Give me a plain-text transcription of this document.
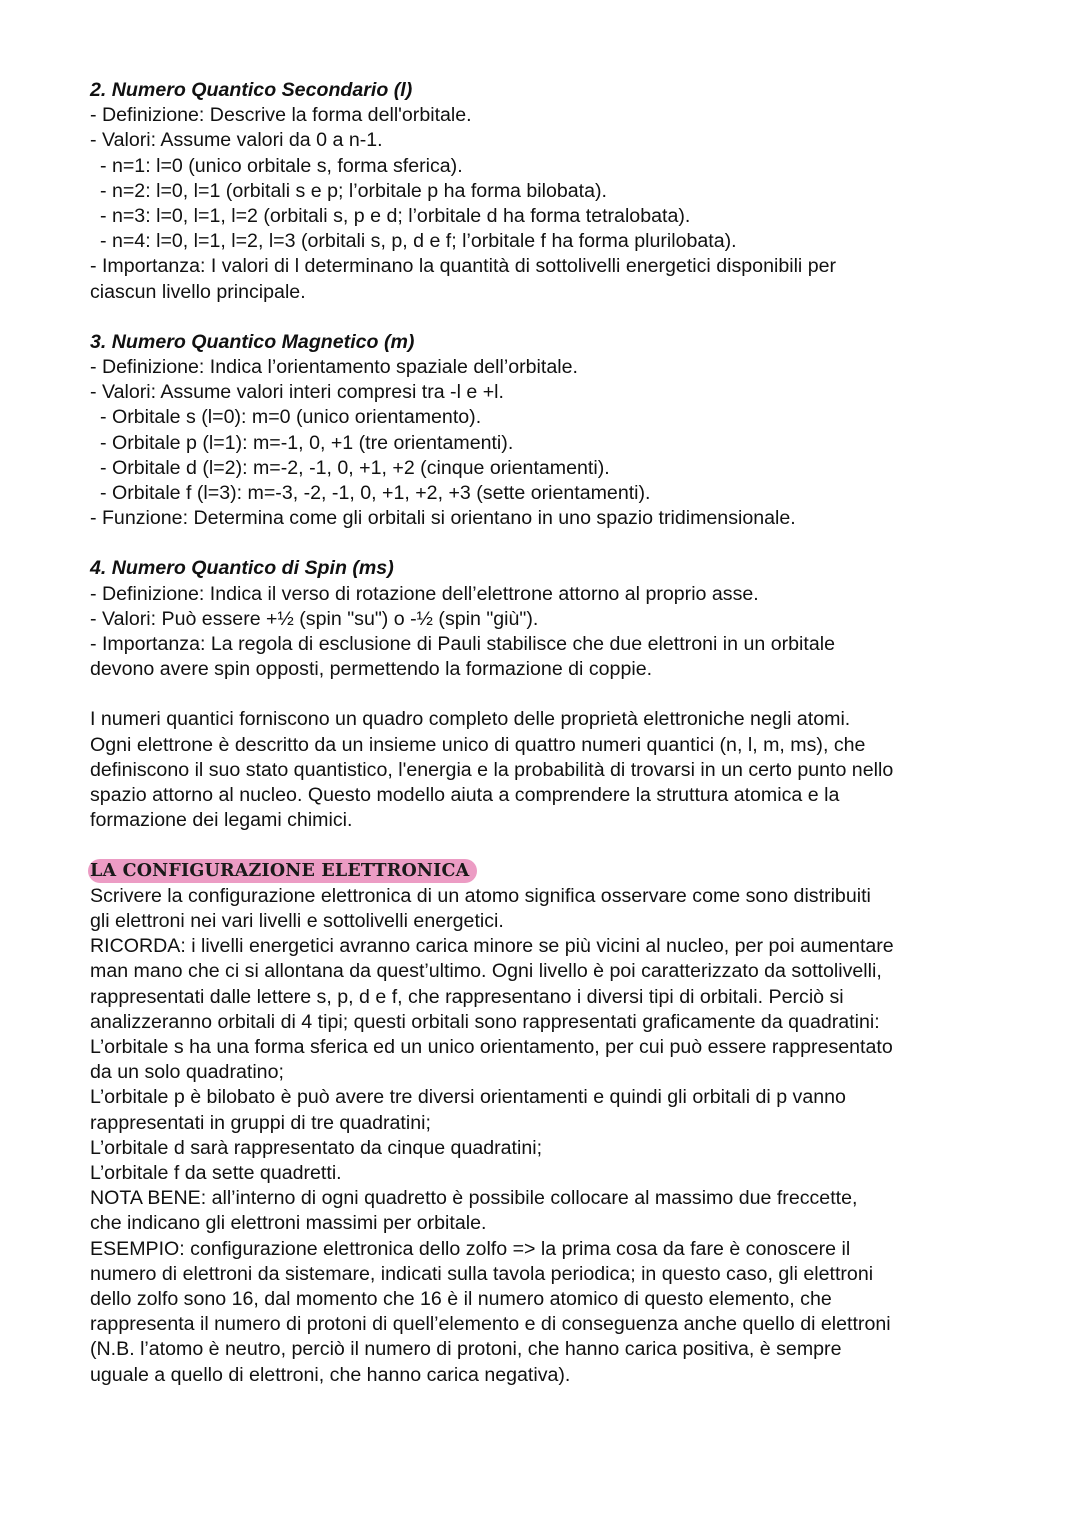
2. Numero Quantico Secondario (l)
- Definizione: Descrive la forma dell'orbitale.
- Valori: Assume valori da 0 a n-1.
- n=1: l=0 (unico orbitale s, forma sferica).
- n=2: l=0, l=1 (orbitali s e p; l’orbitale p ha forma bilobata).
- n=3: l=0, l=1, l=2 (orbitali s, p e d; l’orbitale d ha forma tetralobata).
- n=4: l=0, l=1, l=2, l=3 (orbitali s, p, d e f; l’orbitale f ha forma plurilobata).
- Importanza: I valori di l determinano la quantità di sottolivelli energetici disponibili per
ciascun livello principale.
3. Numero Quantico Magnetico (m)
- Definizione: Indica l’orientamento spaziale dell’orbitale.
- Valori: Assume valori interi compresi tra -l e +l.
- Orbitale s (l=0): m=0 (unico orientamento).
- Orbitale p (l=1): m=-1, 0, +1 (tre orientamenti).
- Orbitale d (l=2): m=-2, -1, 0, +1, +2 (cinque orientamenti).
- Orbitale f (l=3): m=-3, -2, -1, 0, +1, +2, +3 (sette orientamenti).
- Funzione: Determina come gli orbitali si orientano in uno spazio tridimensionale.
4. Numero Quantico di Spin (ms)
- Definizione: Indica il verso di rotazione dell’elettrone attorno al proprio asse.
- Valori: Può essere +½ (spin "su") o -½ (spin "giù").
- Importanza: La regola di esclusione di Pauli stabilisce che due elettroni in un orbitale
devono avere spin opposti, permettendo la formazione di coppie.
I numeri quantici forniscono un quadro completo delle proprietà elettroniche negli atomi.
Ogni elettrone è descritto da un insieme unico di quattro numeri quantici (n, l, m, ms), che
definiscono il suo stato quantistico, l'energia e la probabilità di trovarsi in un certo punto nello
spazio attorno al nucleo. Questo modello aiuta a comprendere la struttura atomica e la
formazione dei legami chimici.
LA CONFIGURAZIONE ELETTRONICA
Scrivere la configurazione elettronica di un atomo significa osservare come sono distribuiti
gli elettroni nei vari livelli e sottolivelli energetici.
RICORDA: i livelli energetici avranno carica minore se più vicini al nucleo, per poi aumentare
man mano che ci si allontana da quest’ultimo. Ogni livello è poi caratterizzato da sottolivelli,
rappresentati dalle lettere s, p, d e f, che rappresentano i diversi tipi di orbitali. Perciò si
analizzeranno orbitali di 4 tipi; questi orbitali sono rappresentati graficamente da quadratini:
L’orbitale s ha una forma sferica ed un unico orientamento, per cui può essere rappresentato
da un solo quadratino;
L’orbitale p è bilobato è può avere tre diversi orientamenti e quindi gli orbitali di p vanno
rappresentati in gruppi di tre quadratini;
L’orbitale d sarà rappresentato da cinque quadratini;
L’orbitale f da sette quadretti.
NOTA BENE: all’interno di ogni quadretto è possibile collocare al massimo due freccette,
che indicano gli elettroni massimi per orbitale.
ESEMPIO: configurazione elettronica dello zolfo => la prima cosa da fare è conoscere il
numero di elettroni da sistemare, indicati sulla tavola periodica; in questo caso, gli elettroni
dello zolfo sono 16, dal momento che 16 è il numero atomico di questo elemento, che
rappresenta il numero di protoni di quell’elemento e di conseguenza anche quello di elettroni
(N.B. l’atomo è neutro, perciò il numero di protoni, che hanno carica positiva, è sempre
uguale a quello di elettroni, che hanno carica negativa).
